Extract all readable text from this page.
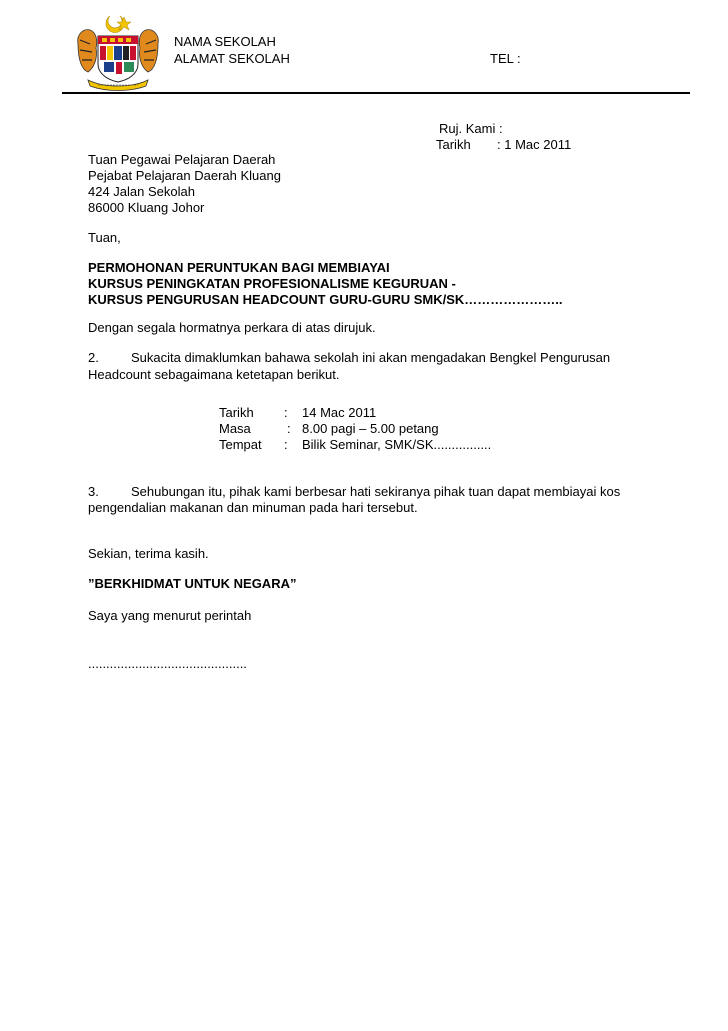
NAMA SEKOLAH
ALAMAT SEKOLAH	TEL :
Ruj. Kami :
Tarikh : 1 Mac 2011
Tuan Pegawai Pelajaran Daerah
Pejabat Pelajaran Daerah Kluang
424 Jalan Sekolah
86000 Kluang Johor
Tuan,
PERMOHONAN PERUNTUKAN BAGI MEMBIAYAI
KURSUS PENINGKATAN PROFESIONALISME KEGURUAN -
KURSUS PENGURUSAN HEADCOUNT GURU-GURU SMK/SK…………………..
Dengan segala hormatnya perkara di atas dirujuk.
2. Sukacita dimaklumkan bahawa sekolah ini akan mengadakan Bengkel Pengurusan
Headcount sebagaimana ketetapan berikut.
Tarikh : 14 Mac 2011
Masa	: 8.00 pagi – 5.00 petang
Tempat : Bilik Seminar, SMK/SK................
3. Sehubungan itu, pihak kami berbesar hati sekiranya pihak tuan dapat membiayai kos
pengendalian makanan dan minuman pada hari tersebut.
Sekian, terima kasih.
”BERKHIDMAT UNTUK NEGARA”
Saya yang menurut perintah
............................................
